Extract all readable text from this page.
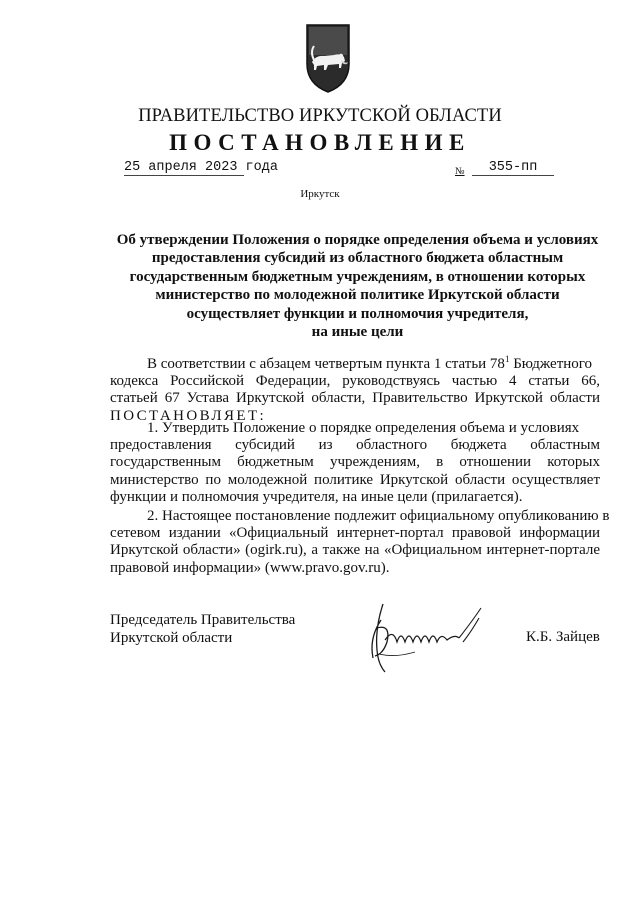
ПРАВИТЕЛЬСТВО ИРКУТСКОЙ ОБЛАСТИ
ПОСТАНОВЛЕНИЕ
25 апреля 2023 года	№	355-пп
Иркутск
Об утверждении Положения о порядке определения объема и условиях
предоставления субсидий из областного бюджета областным
государственным бюджетным учреждениям, в отношении которых
министерство по молодежной политике Иркутской области
осуществляет функции и полномочия учредителя,
на иные цели
В соответствии с абзацем четвертым пункта 1 статьи $78^1$ Бюджетного
кодекса Российской Федерации, руководствуясь частью 4 статьи 66,
статьей 67 Устава Иркутской области, Правительство Иркутской области
ПОСТАНОВЛЯЕТ:
1. Утвердить Положение о порядке определения объема и условиях
предоставления субсидий из областного бюджета областным
государственным бюджетным учреждениям, в отношении которых
министерство по молодежной политике Иркутской области осуществляет
функции и полномочия учредителя, на иные цели (прилагается).
2. Настоящее постановление подлежит официальному опубликованию в
сетевом издании «Официальный интернет-портал правовой информации
Иркутской области» (ogirk.ru), а также на «Официальном интернет-портале
правовой информации» (www.pravo.gov.ru).
Председатель Правительства
Иркутской области	К.Б. Зайцев
